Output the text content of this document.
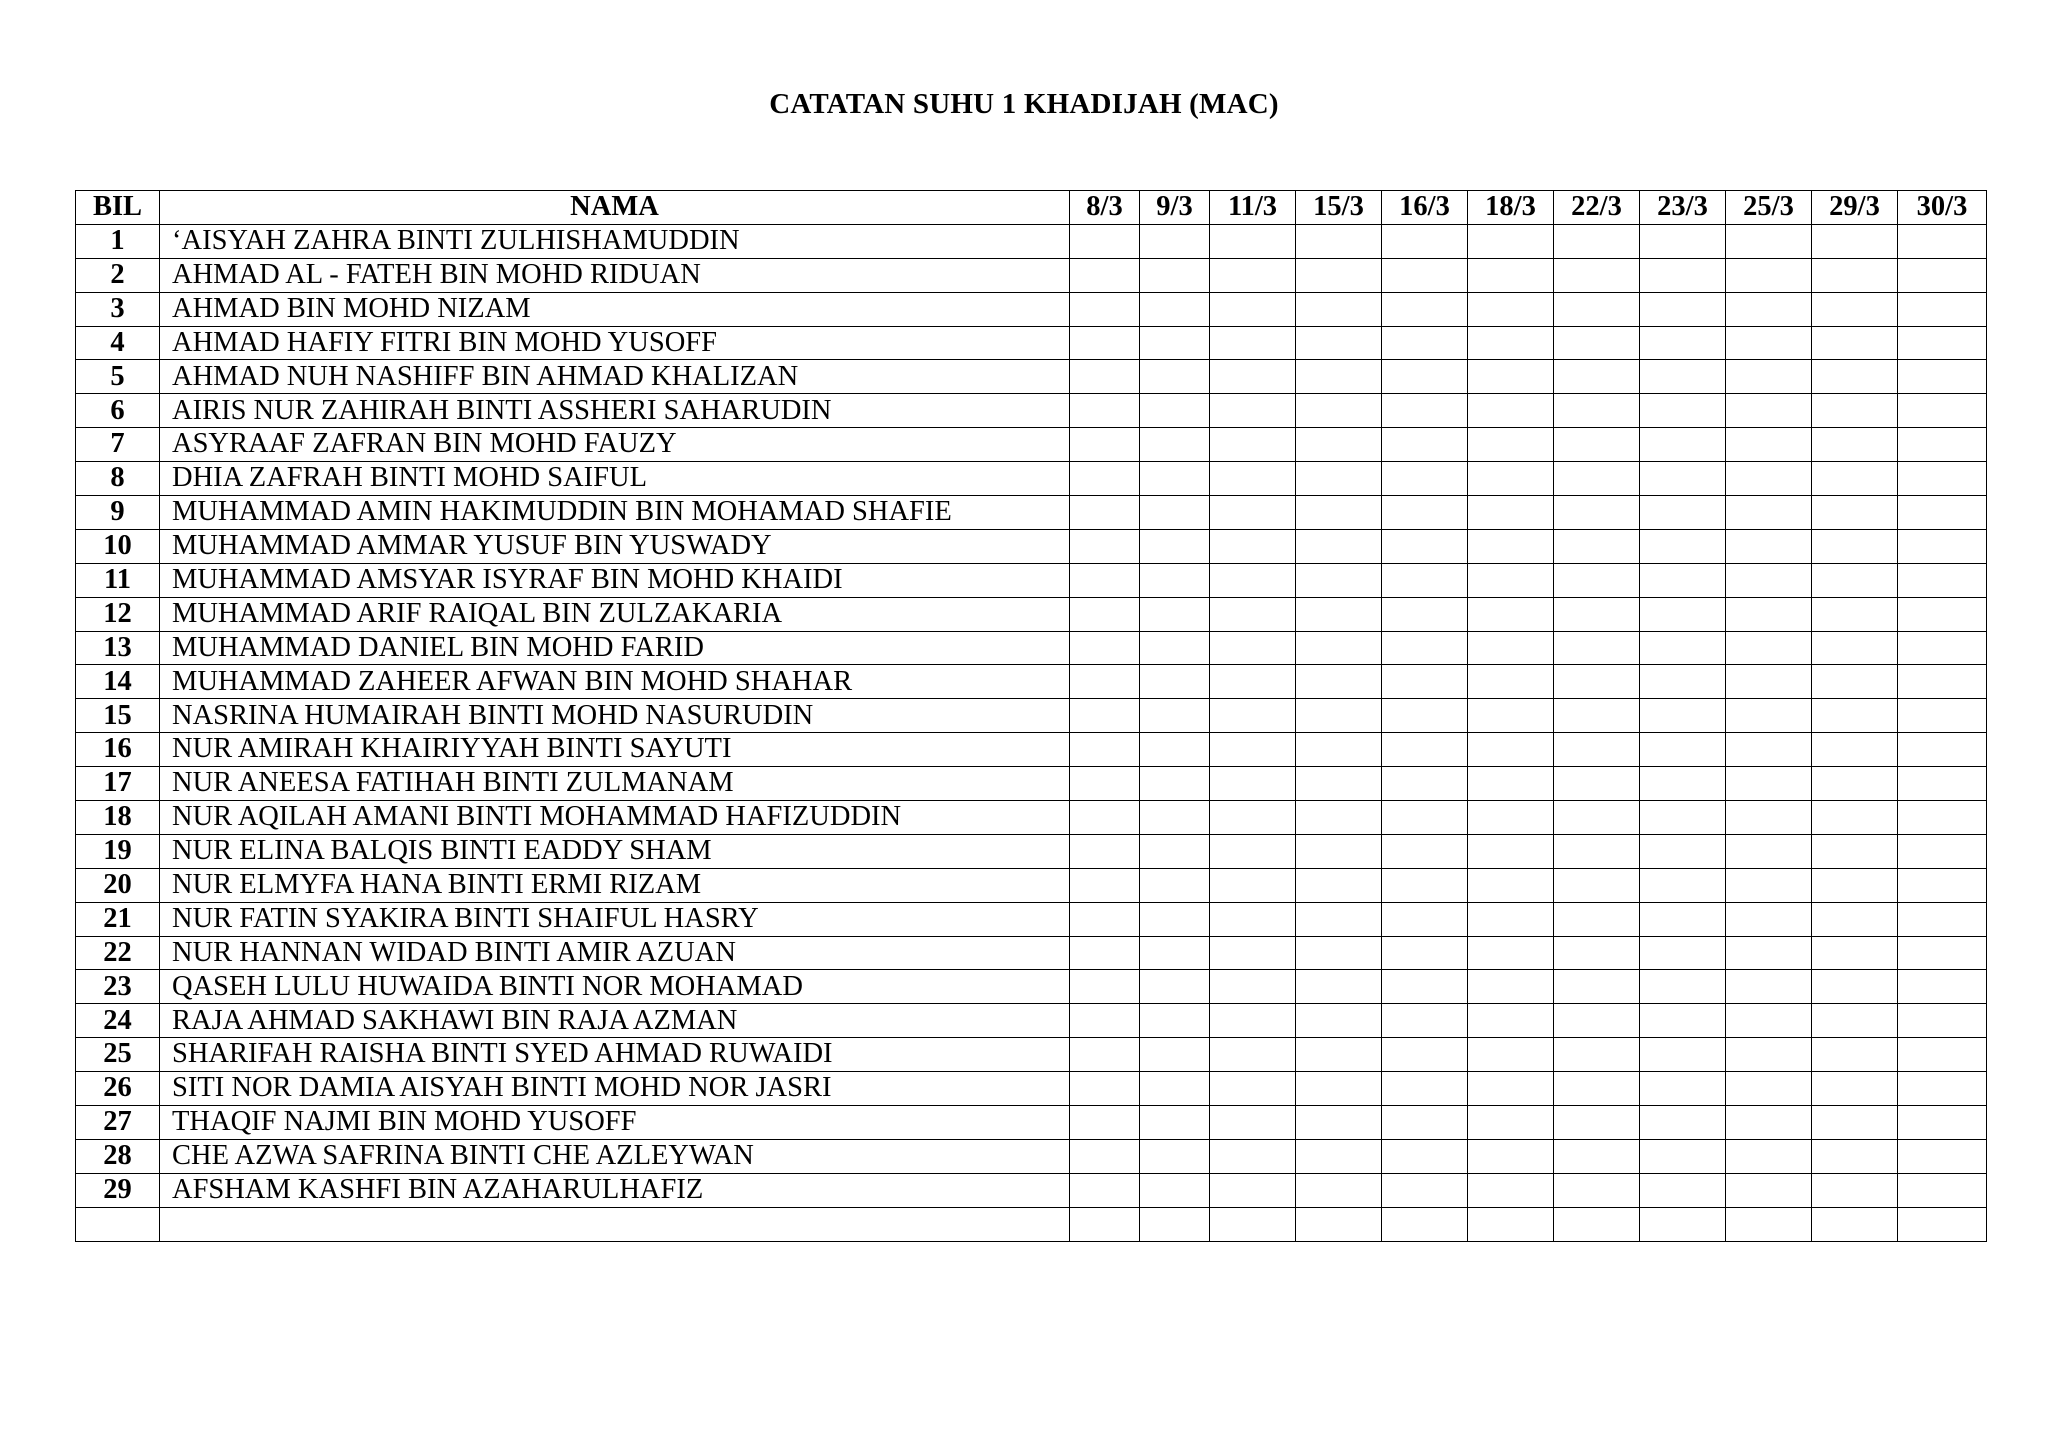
CATATAN SUHU 1 KHADIJAH (MAC)
BIL	NAMA	8/3	9/3	11/3	15/3	16/3	18/3	22/3	23/3	25/3	29/3	30/3
1	‘AISYAH ZAHRA BINTI ZULHISHAMUDDIN											
2	AHMAD AL - FATEH BIN MOHD RIDUAN											
3	AHMAD BIN MOHD NIZAM											
4	AHMAD HAFIY FITRI BIN MOHD YUSOFF											
5	AHMAD NUH NASHIFF BIN AHMAD KHALIZAN											
6	AIRIS NUR ZAHIRAH BINTI ASSHERI SAHARUDIN											
7	ASYRAAF ZAFRAN BIN MOHD FAUZY											
8	DHIA ZAFRAH BINTI MOHD SAIFUL											
9	MUHAMMAD AMIN HAKIMUDDIN BIN MOHAMAD SHAFIE											
10	MUHAMMAD AMMAR YUSUF BIN YUSWADY											
11	MUHAMMAD AMSYAR ISYRAF BIN MOHD KHAIDI											
12	MUHAMMAD ARIF RAIQAL BIN ZULZAKARIA											
13	MUHAMMAD DANIEL BIN MOHD FARID											
14	MUHAMMAD ZAHEER AFWAN BIN MOHD SHAHAR											
15	NASRINA HUMAIRAH BINTI MOHD NASURUDIN											
16	NUR AMIRAH KHAIRIYYAH BINTI SAYUTI											
17	NUR ANEESA FATIHAH BINTI ZULMANAM											
18	NUR AQILAH AMANI BINTI MOHAMMAD HAFIZUDDIN											
19	NUR ELINA BALQIS BINTI EADDY SHAM											
20	NUR ELMYFA HANA BINTI ERMI RIZAM											
21	NUR FATIN SYAKIRA BINTI SHAIFUL HASRY											
22	NUR HANNAN WIDAD BINTI AMIR AZUAN											
23	QASEH LULU HUWAIDA BINTI NOR MOHAMAD											
24	RAJA AHMAD SAKHAWI BIN RAJA AZMAN											
25	SHARIFAH RAISHA BINTI SYED AHMAD RUWAIDI											
26	SITI NOR DAMIA AISYAH BINTI MOHD NOR JASRI											
27	THAQIF NAJMI BIN MOHD YUSOFF											
28	CHE AZWA SAFRINA BINTI CHE AZLEYWAN											
29	AFSHAM KASHFI BIN AZAHARULHAFIZ											
